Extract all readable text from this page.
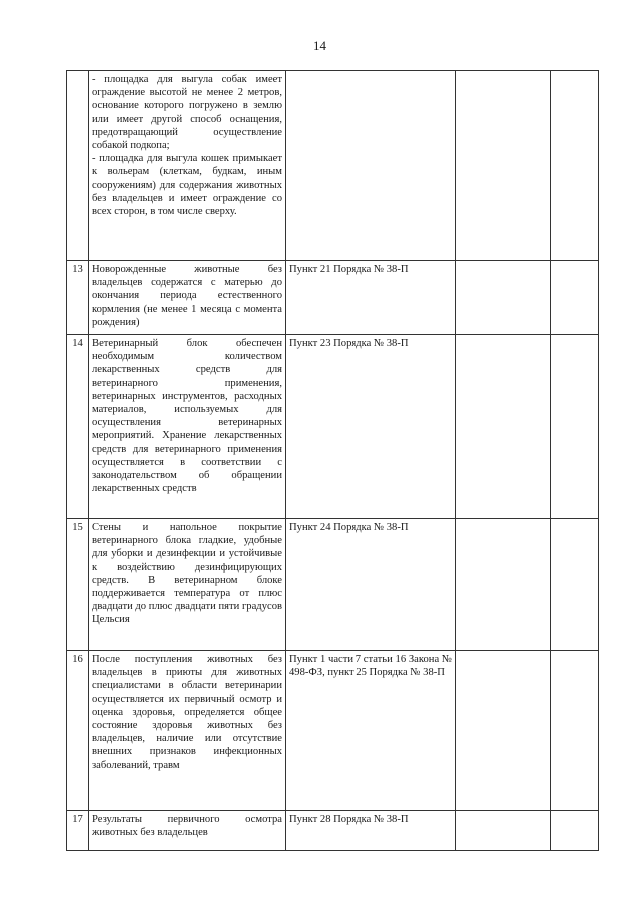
14
	- площадка для выгула собак имеет ограждение высотой не менее 2 метров, основание которого погружено в землю или имеет другой способ оснащения, предотвращающий осуществление собакой подкопа;
- площадка для выгула кошек примыкает к вольерам (клеткам, будкам, иным сооружениям) для содержания животных без владельцев и имеет ограждение со всех сторон, в том числе сверху.			
13	Новорожденные животные без владельцев содержатся с матерью до окончания периода естественного кормления (не менее 1 месяца с момента рождения)	Пункт 21 Порядка № 38-П		
14	Ветеринарный блок обеспечен необходимым количеством лекарственных средств для ветеринарного применения, ветеринарных инструментов, расходных материалов, используемых для осуществления ветеринарных мероприятий. Хранение лекарственных средств для ветеринарного применения осуществляется в соответствии с законодательством об обращении лекарственных средств	Пункт 23 Порядка № 38-П		
15	Стены и напольное покрытие ветеринарного блока гладкие, удобные для уборки и дезинфекции и устойчивые к воздействию дезинфицирующих средств. В ветеринарном блоке поддерживается температура от плюс двадцати до плюс двадцати пяти градусов Цельсия	Пункт 24 Порядка № 38-П		
16	После поступления животных без владельцев в приюты для животных специалистами в области ветеринарии осуществляется их первичный осмотр и оценка здоровья, определяется общее состояние здоровья животных без владельцев, наличие или отсутствие внешних признаков инфекционных заболеваний, травм	Пункт 1 части 7 статьи 16 Закона № 498-ФЗ, пункт 25 Порядка № 38-П		
17	Результаты первичного осмотра животных без владельцев	Пункт 28 Порядка № 38-П		
